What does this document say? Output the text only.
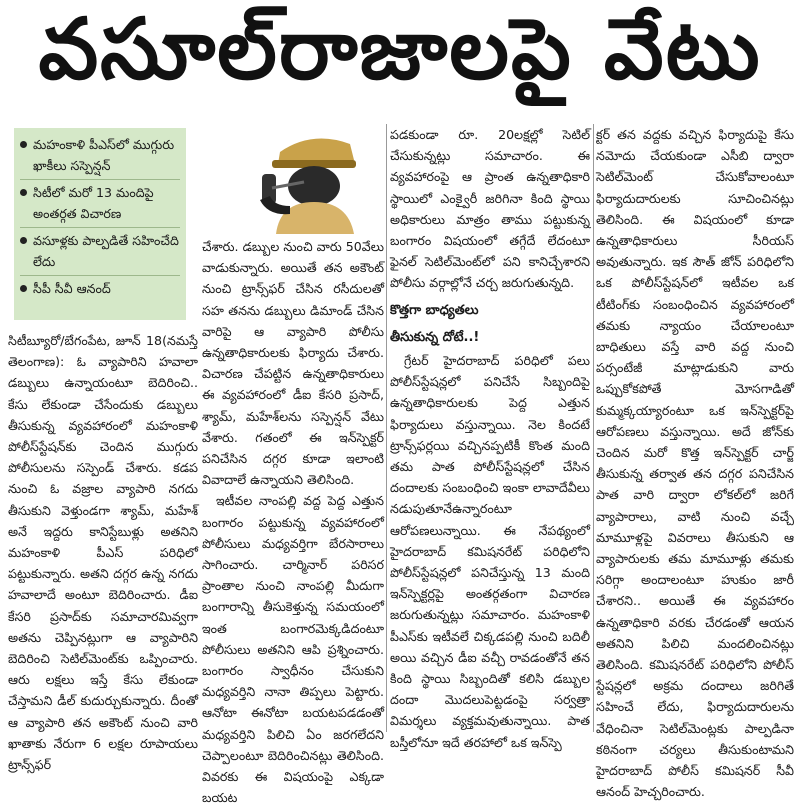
వసూల్‌రాజాలపై వేటు
మహంకాళి పీఎస్‌లో ముగ్గురు ఖాకీలు సస్పెన్షన్
సిటీలో మరో 13 మందిపై అంతర్గత విచారణ
వసూళ్లకు పాల్పడితే సహించేది లేదు
సీపీ సీవీ ఆనంద్

సిటీబ్యూరో/బేగంపేట, జూన్ 18(నమస్తే తెలంగాణ): ఓ వ్యాపారిని హవాలా డబ్బులు ఉన్నాయంటూ బెదిరించి.. కేసు లేకుండా చేసేందుకు డబ్బులు తీసుకున్న వ్యవహారంలో మహంకాళి పోలీస్‌స్టేషన్‌కు చెందిన ముగ్గురు పోలీసులను సస్పెండ్ చేశారు. కడప నుంచి ఓ వజ్రాల వ్యాపారి నగదు తీసుకుని వెళ్తుండగా శ్యామ్, మహేశ్ అనే ఇద్దరు కానిస్టేబుళ్లు అతనిని మహంకాళి పీఎస్ పరిధిలో పట్టుకున్నారు. అతని దగ్గర ఉన్న నగదు హవాలాదే అంటూ బెదిరించారు. డీఐ కేసరి ప్రసాద్‌కు సమాచారమివ్వగా అతను చెప్పినట్లుగా ఆ వ్యాపారిని బెదిరించి సెటిల్‌మెంట్‌కు ఒప్పించారు. ఆరు లక్షలు ఇస్తే కేసు లేకుండా చేస్తామని డీల్ కుదుర్చుకున్నారు. దీంతో ఆ వ్యాపారి తన అకౌంట్ నుంచి వారి ఖాతాకు నేరుగా 6 లక్షల రూపాయలు ట్రాన్స్‌ఫర్

చేశారు. డబ్బుల నుంచి వారు 50వేలు వాడుకున్నారు. అయితే తన అకౌంట్ నుంచి ట్రాన్స్‌ఫర్ చేసిన రసీదులతో సహ తనను డబ్బులు డిమాండ్ చేసిన వారిపై ఆ వ్యాపారి పోలీసు ఉన్నతాధికారులకు ఫిర్యాదు చేశారు. విచారణ చేపట్టిన ఉన్నతాధికారులు ఈ వ్యవహారంలో డీఐ కేసరి ప్రసాద్, శ్యామ్, మహేశ్‌లను సస్పెన్షన్ వేటు వేశారు. గతంలో ఈ ఇన్‌స్పెక్టర్ పనిచేసిన దగ్గర కూడా ఇలాంటి వివాదాలే ఉన్నాయని తెలిసింది.

ఇటీవల నాంపల్లి వద్ద పెద్ద ఎత్తున బంగారం పట్టుకున్న వ్యవహారంలో పోలీసులు మధ్యవర్తిగా బేరసారాలు సాగించారు. చార్మినార్ పరిసర ప్రాంతాల నుంచి నాంపల్లి మీదుగా బంగారాన్ని తీసుకెళ్తున్న సమయంలో ఇంత బంగారమెక్కడిదంటూ పోలీసులు అతనిని ఆపి ప్రశ్నించారు. బంగారం స్వాధీనం చేసుకుని మధ్యవర్తిని నానా తిప్పలు పెట్టారు. ఆనోటా ఈనోటా బయటపడడంతో మధ్యవర్తిని పిలిచి ఏం జరగలేదని చెప్పాలంటూ బెదిరించినట్లు తెలిసింది. వివరకు ఈ విషయంపై ఎక్కడా బయట

పడకుండా రూ. 20లక్షల్లో సెటిల్ చేసుకున్నట్లు సమాచారం. ఈ వ్యవహారంపై ఆ ప్రాంత ఉన్నతాధికారి స్థాయిలో ఎంక్వైరీ జరిగినా కింది స్థాయి అధికారులు మాత్రం తాము పట్టుకున్న బంగారం విషయంలో తగ్గేదే లేదంటూ ఫైనల్ సెటిల్‌మెంట్‌లో పని కానిచ్చేశారని పోలీసు వర్గాల్లోనే చర్చ జరుగుతున్నది.

కొత్తగా బాధ్యతలు
తీసుకున్న దోటే..!

గ్రేటర్ హైదరాబాద్ పరిధిలో పలు పోలీస్‌స్టేషన్లలో పనిచేసే సిబ్బందిపై ఉన్నతాధికారులకు పెద్ద ఎత్తున ఫిర్యాదులు వస్తున్నాయి. నెల కిందటే ట్రాన్స్‌ఫర్లయి వచ్చినప్పటికీ కొంత మంది తమ పాత పోలీస్‌స్టేషన్లలో చేసిన దందాలకు సంబంధించి ఇంకా లావాదేవీలు నడుపుతూనేఉన్నారంటూ ఆరోపణలున్నాయి. ఈ నేపథ్యంలో హైదరాబాద్ కమిషనరేట్ పరిధిలోని పోలీస్‌స్టేషన్లలో పనిచేస్తున్న 13 మంది ఇన్‌స్పెక్టర్లపై అంతర్గతంగా విచారణ జరుగుతున్నట్లు సమాచారం. మహంకాళి పీఎస్‌కు ఇటీవలే చిక్కడపల్లి నుంచి బదిలీ అయి వచ్చిన డీఐ వచ్చీ రావడంతోనే తన కింది స్థాయి సిబ్బందితో కలిసి డబ్బుల దందా మొదలుపెట్టడంపై సర్వత్రా విమర్శలు వ్యక్తమవుతున్నాయి. పాత బస్తీలోనూ ఇదే తరహాలో ఒక ఇన్‌స్పె

క్టర్ తన వద్దకు వచ్చిన ఫిర్యాదుపై కేసు నమోదు చేయకుండా ఎసీబి ద్వారా సెటిల్‌మెంట్ చేసుకోవాలంటూ ఫిర్యాదుదారులకు సూచించినట్లు తెలిసింది. ఈ విషయంలో కూడా ఉన్నతాధికారులు సీరియస్ అవుతున్నారు. ఇక సౌత్ జోన్ పరిధిలోని ఒక పోలీస్‌స్టేషన్‌లో ఇటీవల ఒక టీటింగ్‌కు సంబంధించిన వ్యవహారంలో తమకు న్యాయం చేయాలంటూ బాధితులు వస్తే వారి వద్ద నుంచి పర్సంటేజీ మాట్లాడుకుని వారు ఒప్పుకోకపోతే మోసగాడితో కుమ్మక్కయ్యారంటూ ఒక ఇన్‌స్పెక్టర్‌పై ఆరోపణలు వస్తున్నాయి. అదే జోన్‌కు చెందిన మరో కొత్త ఇన్‌స్పెక్టర్ చార్జ్ తీసుకున్న తర్వాత తన దగ్గర పనిచేసిన పాత వారి ద్వారా లోకల్‌లో జరిగే వ్యాపారాలు, వాటి నుంచి వచ్చే మామూళ్లపై వివరాలు తీసుకుని ఆ వ్యాపారులకు తమ మామూళ్లు తమకు సరిగ్గా అందాలంటూ హుకుం జారీ చేశారని.. అయితే ఈ వ్యవహారం ఉన్నతాధికారి వరకు చేరడంతో ఆయన అతనిని పిలిచి మందలించినట్లు తెలిసింది. కమిషనరేట్ పరిధిలోని పోలీస్ స్టేషన్లలో అక్రమ దందాలు జరిగితే సహించే లేదు, ఫిర్యాదుదారులను వేధించినా సెటిల్‌మెంట్లకు పాల్పడినా కఠినంగా చర్యలు తీసుకుంటామని హైదరాబాద్ పోలీస్ కమిషనర్ సీవీ ఆనంద్ హెచ్చరించారు.
